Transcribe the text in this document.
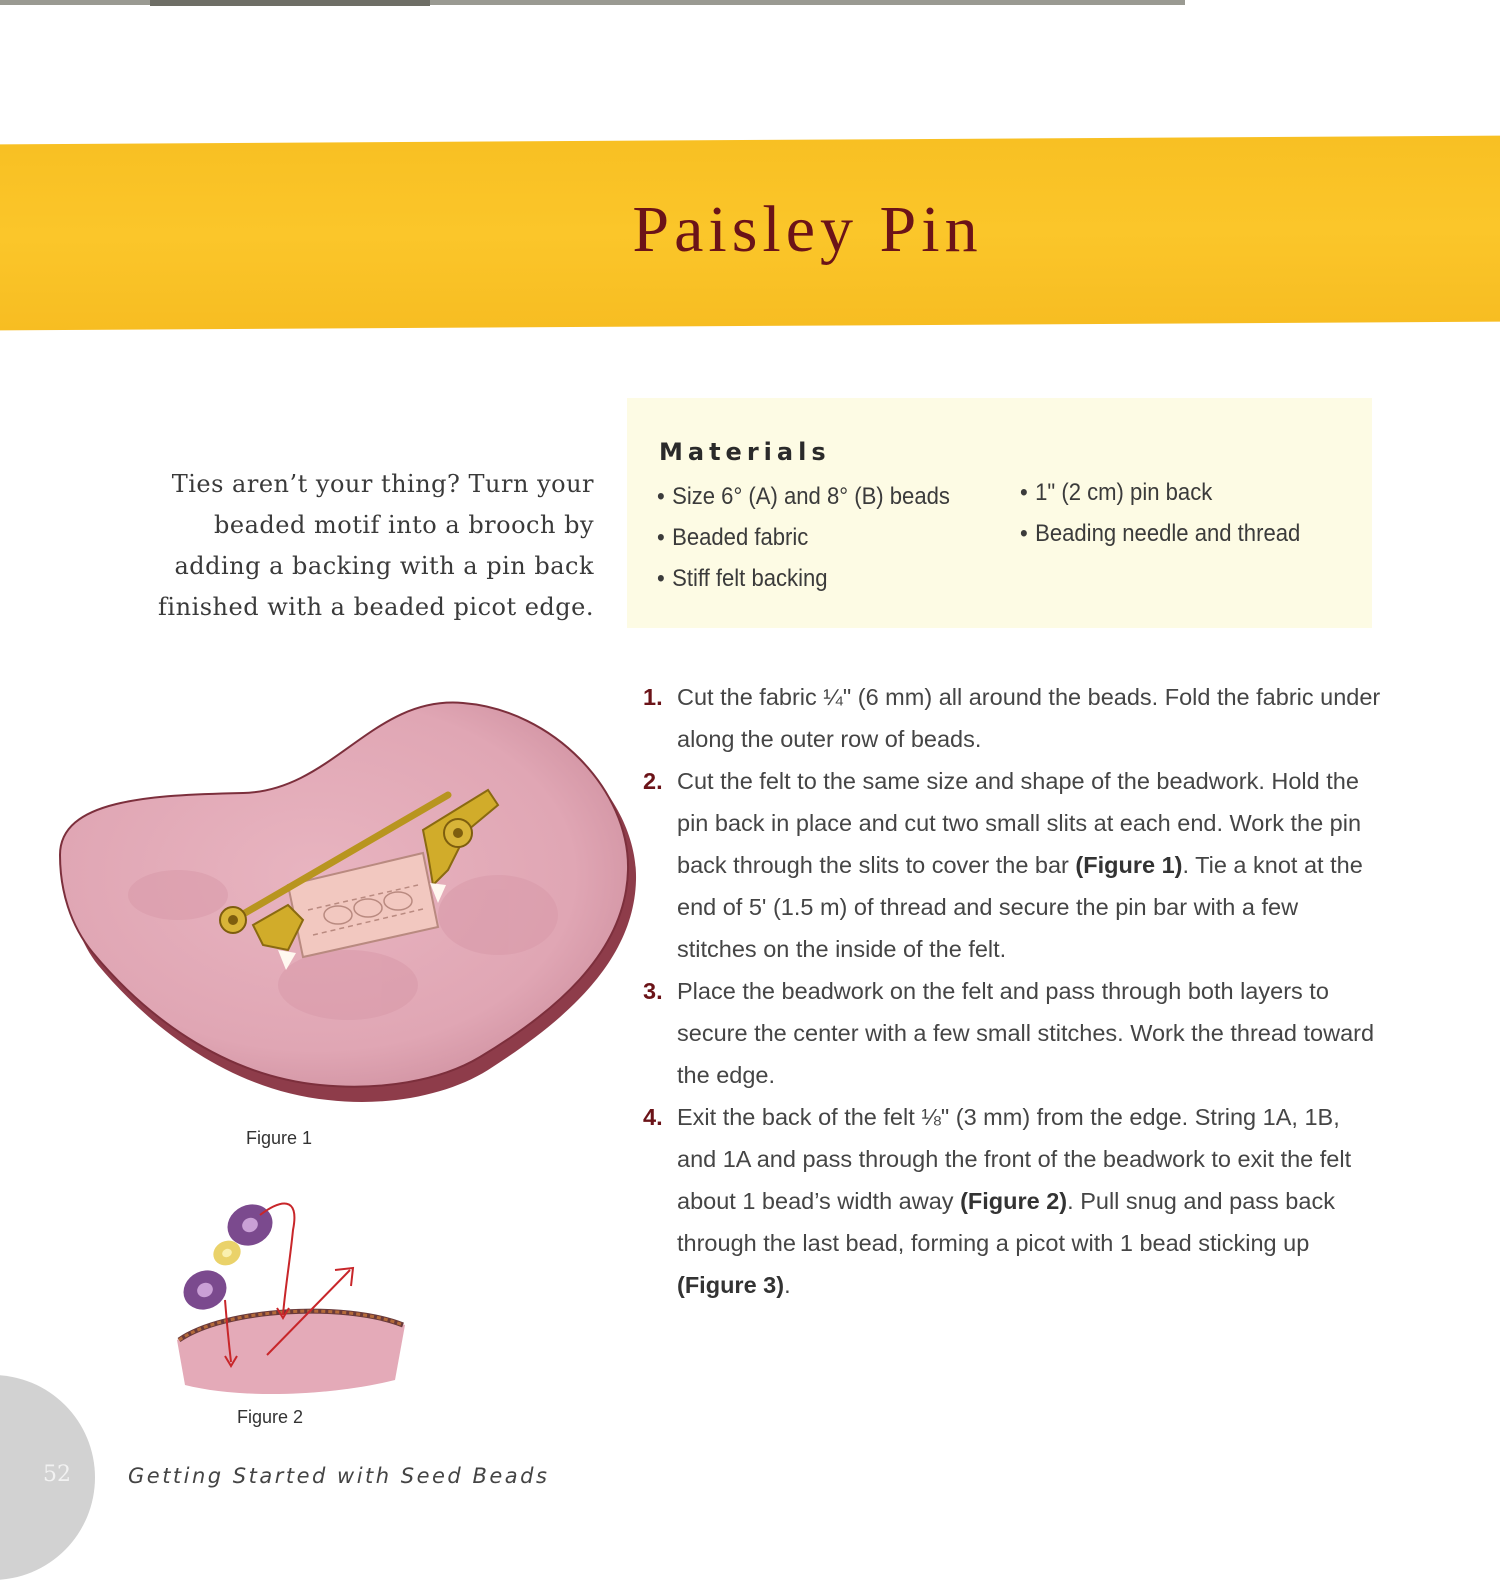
Paisley Pin

Ties aren’t your thing? Turn your beaded motif into a brooch by adding a backing with a pin back finished with a beaded picot edge.

Materials
• Size 6° (A) and 8° (B) beads
• Beaded fabric
• Stiff felt backing
• 1" (2 cm) pin back
• Beading needle and thread

1. Cut the fabric ¼" (6 mm) all around the beads. Fold the fabric under along the outer row of beads.

2. Cut the felt to the same size and shape of the beadwork. Hold the pin back in place and cut two small slits at each end. Work the pin back through the slits to cover the bar (Figure 1). Tie a knot at the end of 5' (1.5 m) of thread and secure the pin bar with a few stitches on the inside of the felt.

3. Place the beadwork on the felt and pass through both layers to secure the center with a few small stitches. Work the thread toward the edge.

4. Exit the back of the felt ⅛" (3 mm) from the edge. String 1A, 1B, and 1A and pass through the front of the beadwork to exit the felt about 1 bead’s width away (Figure 2). Pull snug and pass back through the last bead, forming a picot with 1 bead sticking up (Figure 3).

Figure 1
Figure 2
52	Getting Started with Seed Beads
